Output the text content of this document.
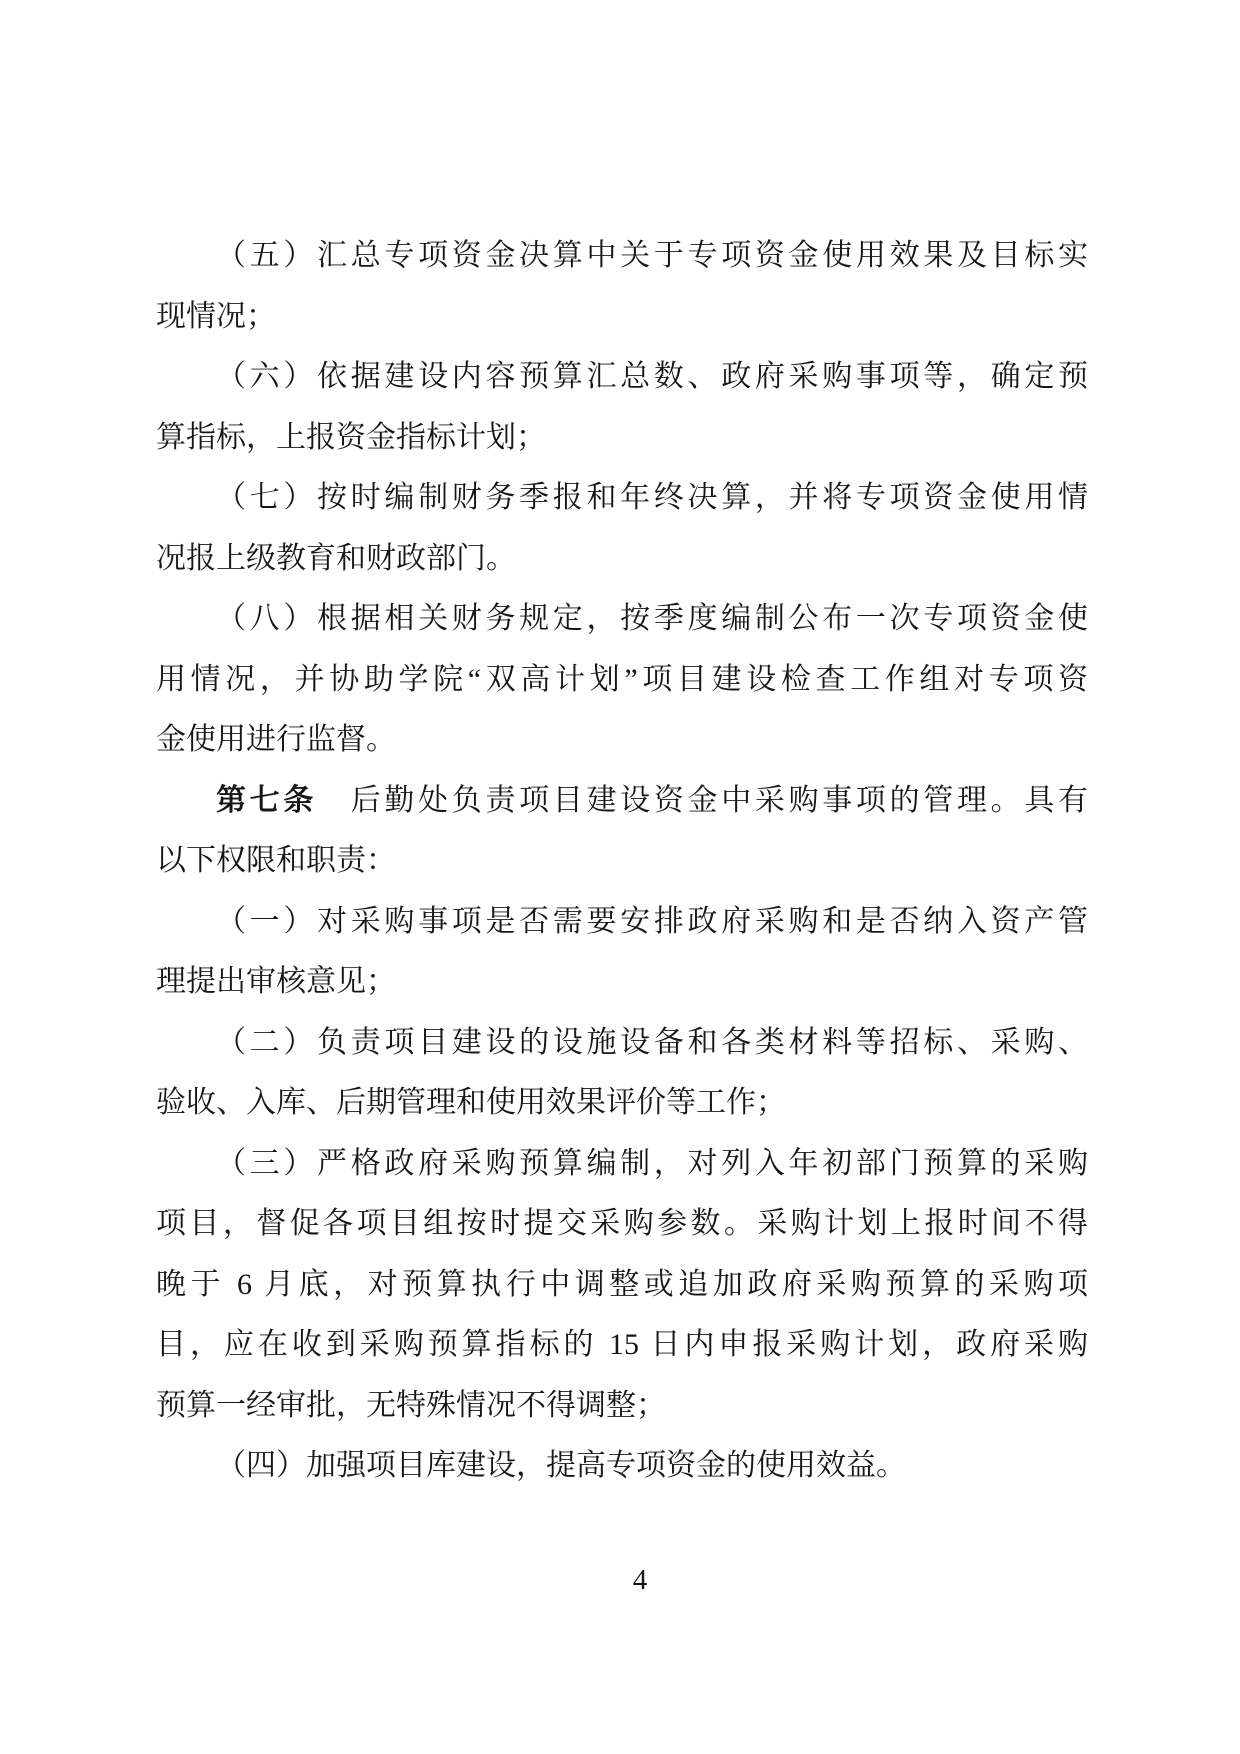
（五）汇总专项资金决算中关于专项资金使用效果及目标实
现情况；
（六）依据建设内容预算汇总数、政府采购事项等，确定预
算指标，上报资金指标计划；
（七）按时编制财务季报和年终决算，并将专项资金使用情
况报上级教育和财政部门。
（八）根据相关财务规定，按季度编制公布一次专项资金使
用情况，并协助学院“双高计划”项目建设检查工作组对专项资
金使用进行监督。
第七条　后勤处负责项目建设资金中采购事项的管理。具有
以下权限和职责：
（一）对采购事项是否需要安排政府采购和是否纳入资产管
理提出审核意见；
（二）负责项目建设的设施设备和各类材料等招标、采购、
验收、入库、后期管理和使用效果评价等工作；
（三）严格政府采购预算编制，对列入年初部门预算的采购
项目，督促各项目组按时提交采购参数。采购计划上报时间不得
晚于 6 月底，对预算执行中调整或追加政府采购预算的采购项
目，应在收到采购预算指标的 15 日内申报采购计划，政府采购
预算一经审批，无特殊情况不得调整；
（四）加强项目库建设，提高专项资金的使用效益。
4
